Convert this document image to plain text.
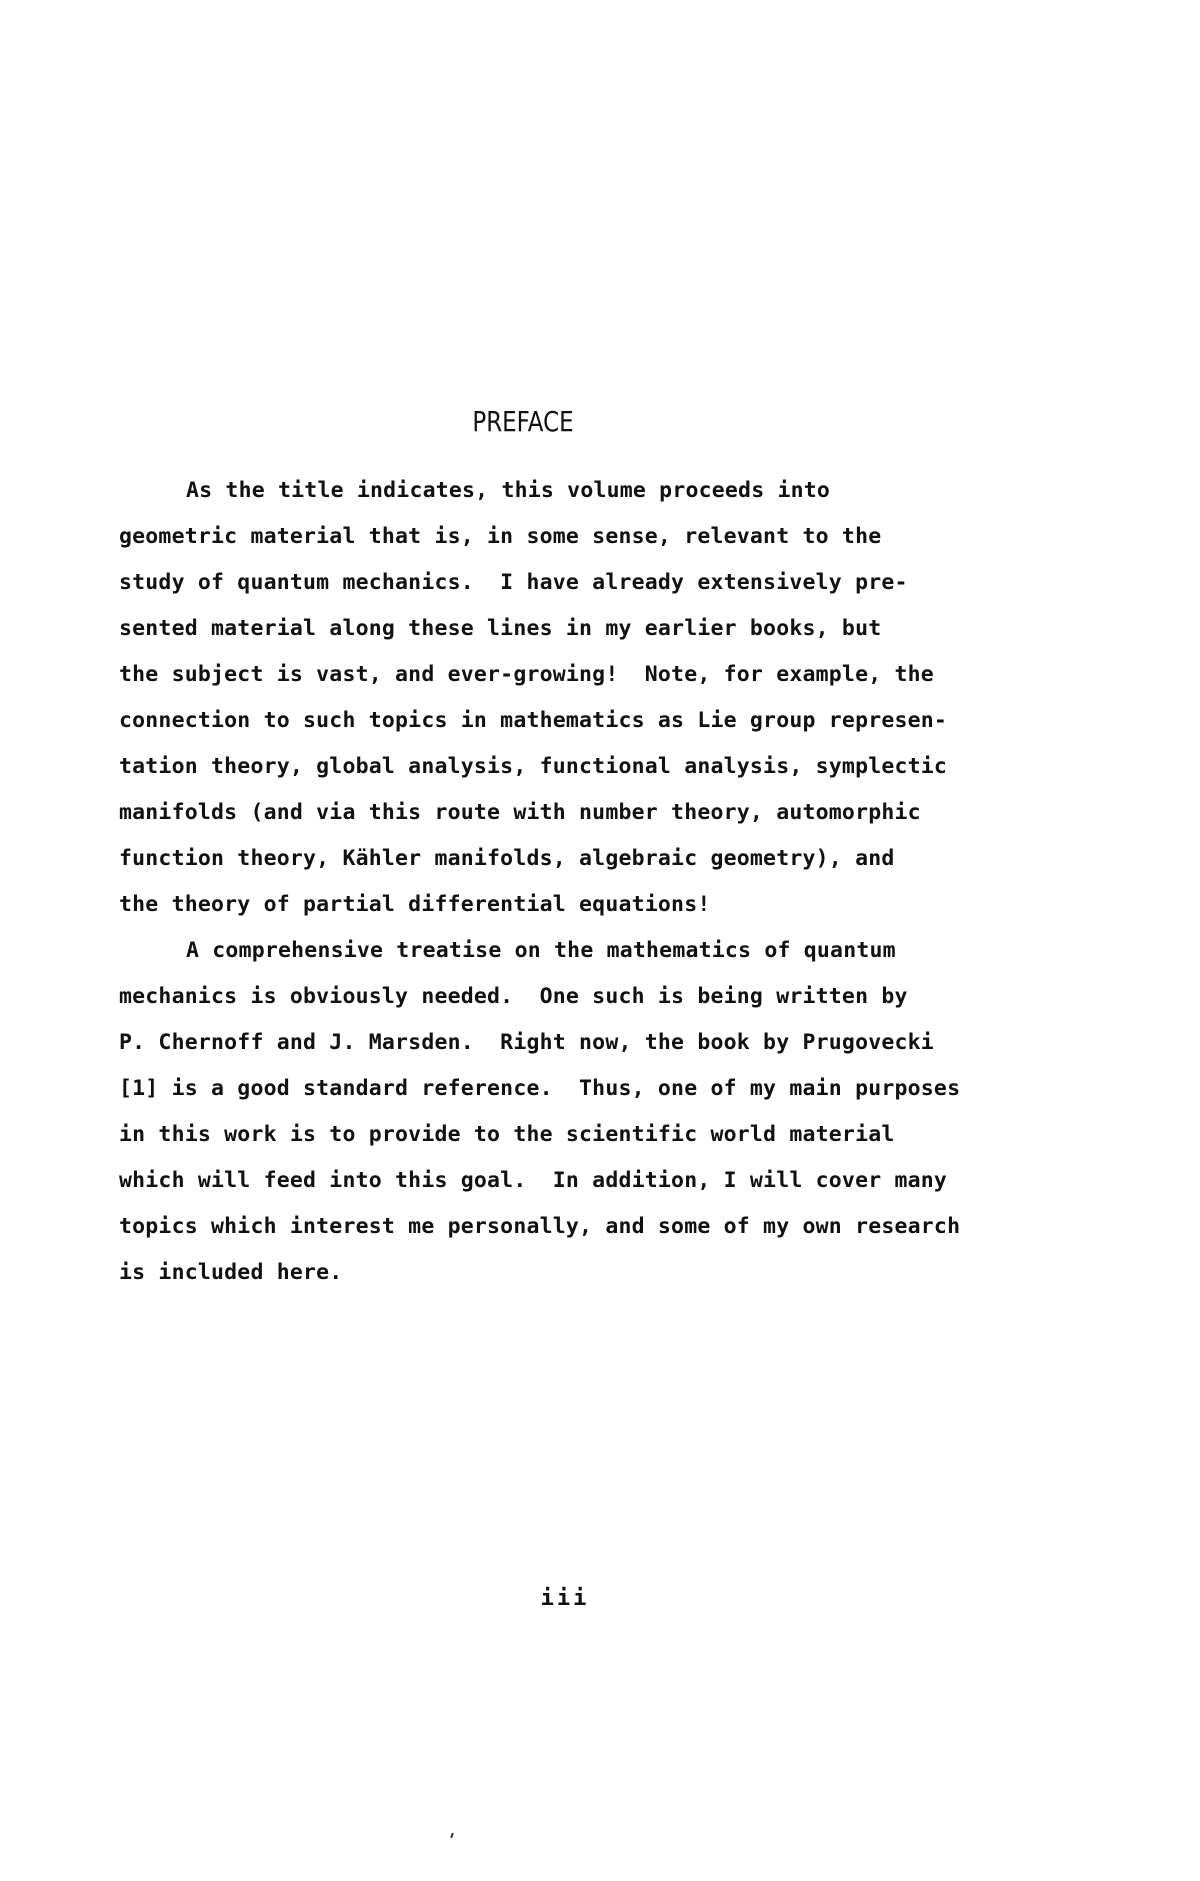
PREFACE
As the title indicates, this volume proceeds into
geometric material that is, in some sense, relevant to the
study of quantum mechanics.  I have already extensively pre-
sented material along these lines in my earlier books, but
the subject is vast, and ever-growing!  Note, for example, the
connection to such topics in mathematics as Lie group represen-
tation theory, global analysis, functional analysis, symplectic
manifolds (and via this route with number theory, automorphic
function theory, Kähler manifolds, algebraic geometry), and
the theory of partial differential equations!
A comprehensive treatise on the mathematics of quantum
mechanics is obviously needed.  One such is being written by
P. Chernoff and J. Marsden.  Right now, the book by Prugovecki
[1] is a good standard reference.  Thus, one of my main purposes
in this work is to provide to the scientific world material
which will feed into this goal.  In addition, I will cover many
topics which interest me personally, and some of my own research
is included here.
iii
